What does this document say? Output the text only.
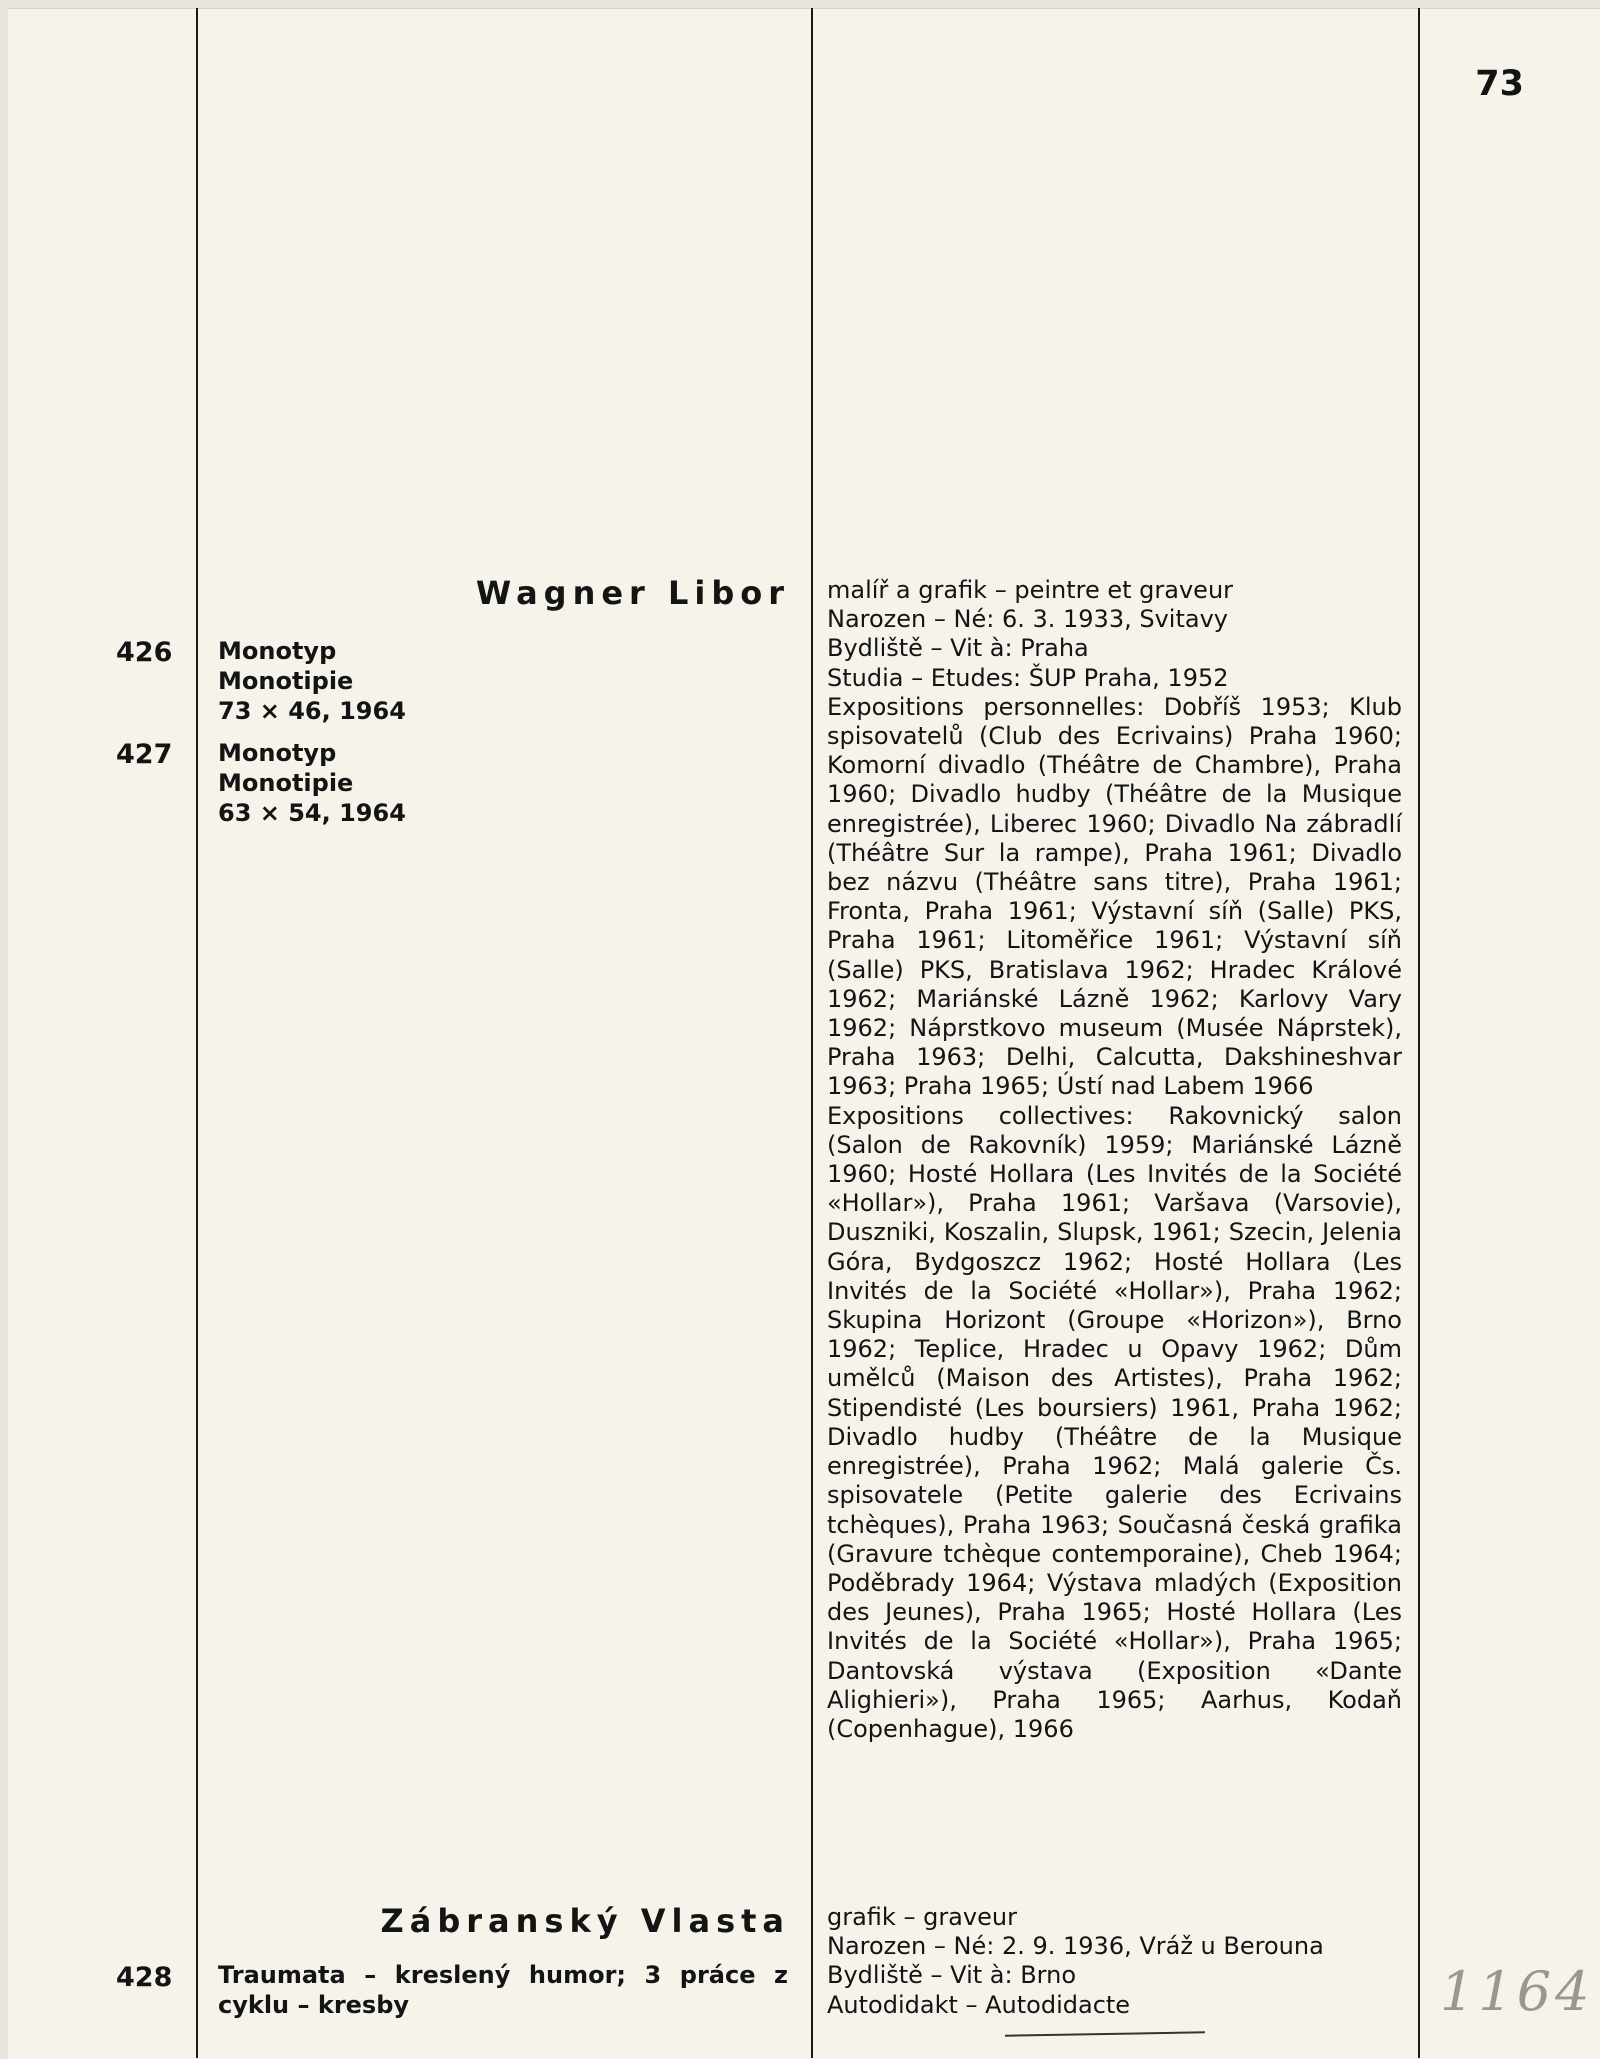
73
Wagner Libor
426 Monotyp
Monotipie
73 × 46, 1964
427 Monotyp
Monotipie
63 × 54, 1964

malíř a grafik – peintre et graveur

Narozen – Né: 6. 3. 1933, Svitavy

Bydliště – Vit à: Praha

Studia – Etudes: ŠUP Praha, 1952

Expositions personnelles: Dobříš 1953; Klub spisovatelů (Club des Ecrivains) Praha 1960; Komorní divadlo (Théâtre de Chambre), Praha 1960; Divadlo hudby (Théâtre de la Musique enregistrée), Liberec 1960; Divadlo Na zábradlí (Théâtre Sur la rampe), Praha 1961; Divadlo bez názvu (Théâtre sans titre), Praha 1961; Fronta, Praha 1961; Výstavní síň (Salle) PKS, Praha 1961; Litoměřice 1961; Výstavní síň (Salle) PKS, Bratislava 1962; Hradec Králové 1962; Mariánské Lázně 1962; Karlovy Vary 1962; Náprstkovo museum (Musée Náprstek), Praha 1963; Delhi, Calcutta, Dakshineshvar 1963; Praha 1965; Ústí nad Labem 1966

Expositions collectives: Rakovnický salon (Salon de Rakovník) 1959; Mariánské Lázně 1960; Hosté Hollara (Les Invités de la Société «Hollar»), Praha 1961; Varšava (Varsovie), Duszniki, Koszalin, Slupsk, 1961; Szecin, Jelenia Góra, Bydgoszcz 1962; Hosté Hollara (Les Invités de la Société «Hollar»), Praha 1962; Skupina Horizont (Groupe «Horizon»), Brno 1962; Teplice, Hradec u Opavy 1962; Dům umělců (Maison des Artistes), Praha 1962; Stipendisté (Les boursiers) 1961, Praha 1962; Divadlo hudby (Théâtre de la Musique enregistrée), Praha 1962; Malá galerie Čs. spisovatele (Petite galerie des Ecrivains tchèques), Praha 1963; Současná česká grafika (Gravure tchèque contemporaine), Cheb 1964; Poděbrady 1964; Výstava mladých (Exposition des Jeunes), Praha 1965; Hosté Hollara (Les Invités de la Société «Hollar»), Praha 1965; Dantovská výstava (Exposition «Dante Alighieri»), Praha 1965; Aarhus, Kodaň (Copenhague), 1966

Zábranský Vlasta
428 Traumata – kreslený humor; 3 práce z cyklu – kresby

grafik – graveur

Narozen – Né: 2. 9. 1936, Vráž u Berouna

Bydliště – Vit à: Brno

Autodidakt – Autodidacte	1164
